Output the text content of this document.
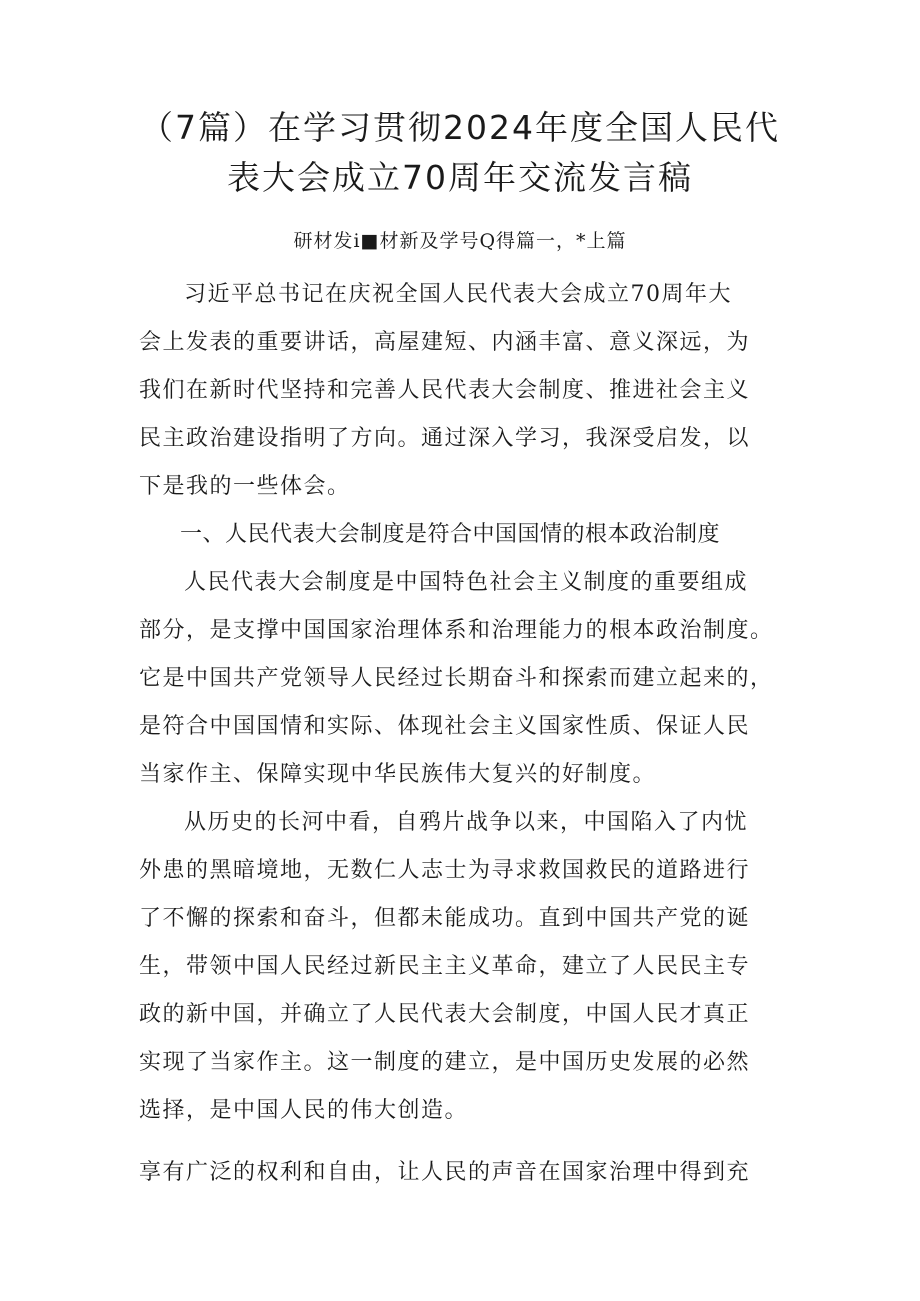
（7篇）在学习贯彻2024年度全国人民代
表大会成立70周年交流发言稿
研材发i■材新及学号Q得篇一，*上篇
习近平总书记在庆祝全国人民代表大会成立70周年大
会上发表的重要讲话，高屋建短、内涵丰富、意义深远，为
我们在新时代坚持和完善人民代表大会制度、推进社会主义
民主政治建设指明了方向。通过深入学习，我深受启发，以
下是我的一些体会。
一、人民代表大会制度是符合中国国情的根本政治制度
人民代表大会制度是中国特色社会主义制度的重要组成
部分，是支撑中国国家治理体系和治理能力的根本政治制度。
它是中国共产党领导人民经过长期奋斗和探索而建立起来的，
是符合中国国情和实际、体现社会主义国家性质、保证人民
当家作主、保障实现中华民族伟大复兴的好制度。
从历史的长河中看，自鸦片战争以来，中国陷入了内忧
外患的黑暗境地，无数仁人志士为寻求救国救民的道路进行
了不懈的探索和奋斗，但都未能成功。直到中国共产党的诞
生，带领中国人民经过新民主主义革命，建立了人民民主专
政的新中国，并确立了人民代表大会制度，中国人民才真正
实现了当家作主。这一制度的建立，是中国历史发展的必然
选择，是中国人民的伟大创造。
享有广泛的权利和自由，让人民的声音在国家治理中得到充
